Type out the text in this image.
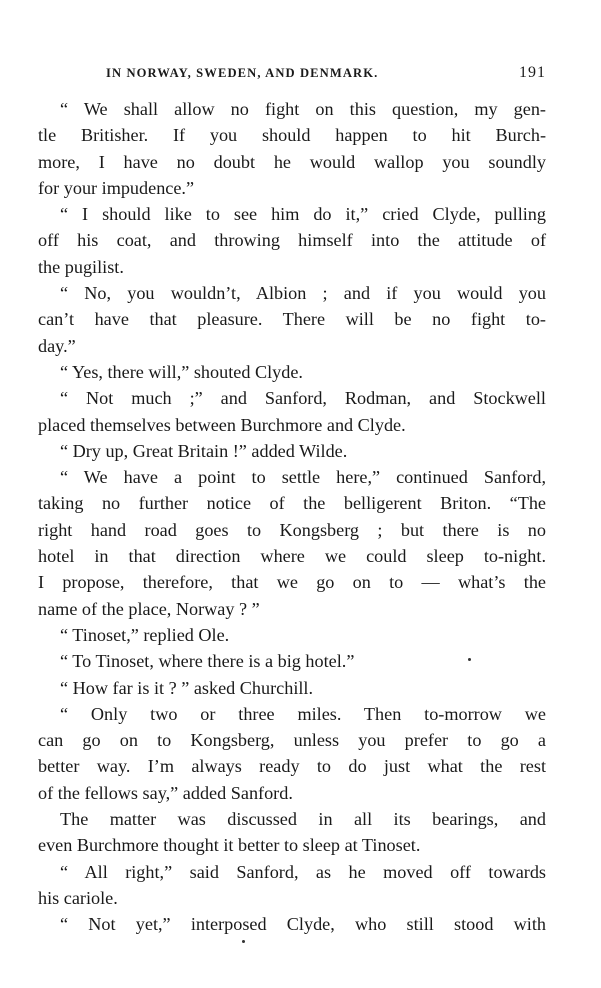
IN NORWAY, SWEDEN, AND DENMARK.	191
“ We shall allow no fight on this question, my gen-
tle Britisher. If you should happen to hit Burch-
more, I have no doubt he would wallop you soundly
for your impudence.”
“ I should like to see him do it,” cried Clyde, pulling
off his coat, and throwing himself into the attitude of
the pugilist.
“ No, you wouldn’t, Albion ; and if you would you
can’t have that pleasure. There will be no fight to-
day.”
“ Yes, there will,” shouted Clyde.
“ Not much ;” and Sanford, Rodman, and Stockwell
placed themselves between Burchmore and Clyde.
“ Dry up, Great Britain !” added Wilde.
“ We have a point to settle here,” continued Sanford,
taking no further notice of the belligerent Briton. “The
right hand road goes to Kongsberg ; but there is no
hotel in that direction where we could sleep to-night.
I propose, therefore, that we go on to — what’s the
name of the place, Norway ? ”
“ Tinoset,” replied Ole.
“ To Tinoset, where there is a big hotel.”
“ How far is it ? ” asked Churchill.
“ Only two or three miles. Then to-morrow we
can go on to Kongsberg, unless you prefer to go a
better way. I’m always ready to do just what the rest
of the fellows say,” added Sanford.
The matter was discussed in all its bearings, and
even Burchmore thought it better to sleep at Tinoset.
“ All right,” said Sanford, as he moved off towards
his cariole.
“ Not yet,” interposed Clyde, who still stood with
